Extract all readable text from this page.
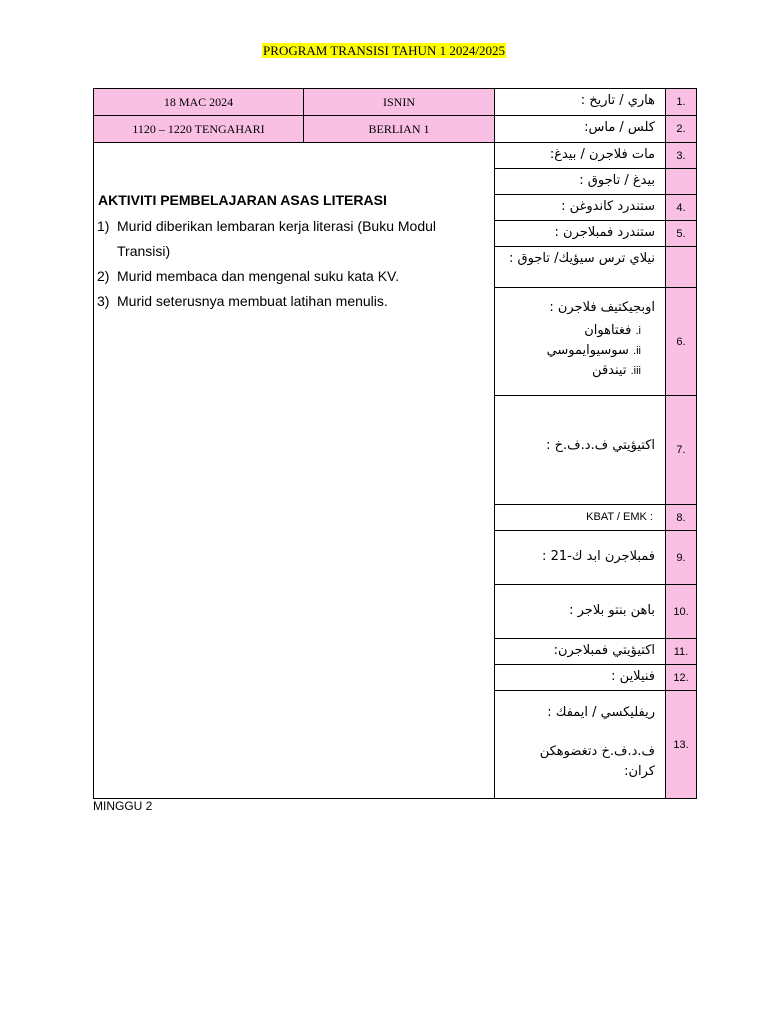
PROGRAM TRANSISI TAHUN 1 2024/2025
18 MAC 2024	ISNIN	هاري / تاريخ :	1.
1120 – 1220 TENGAHARI	BERLIAN 1	كلس / ماس:	2.
AKTIVITI PEMBELAJARAN ASAS LITERASI
1) Murid diberikan lembaran kerja literasi (Buku Modul
Transisi)
2) Murid membaca dan mengenal suku kata KV.
3) Murid seterusnya membuat latihan menulis.
مات فلاجرن / بيدغ:	3.
بيدغ / تاجوق :
ستندرد كاندوغن :	4.
ستندرد فمبلاجرن :	5.
نيلاي ترس سيؤيك/ تاجوق :
اوبجيكتيف فلاجرن :
i. فغتاهوان
ii. سوسيوايموسي
iii. تيندقن
6.
اكتيؤيتي ف.د.ف.خ :	7.
KBAT / EMK :	8.
فمبلاجرن ابد ك-21 :	9.
باهن بنتو بلاجر :	10.
اكتيؤيتي فمبلاجرن:	11.
فنيلاين :	12.
ريفليكسي / ايمفك :
ف.د.ف.خ دتغضوهكن كران:
13.
MINGGU 2
